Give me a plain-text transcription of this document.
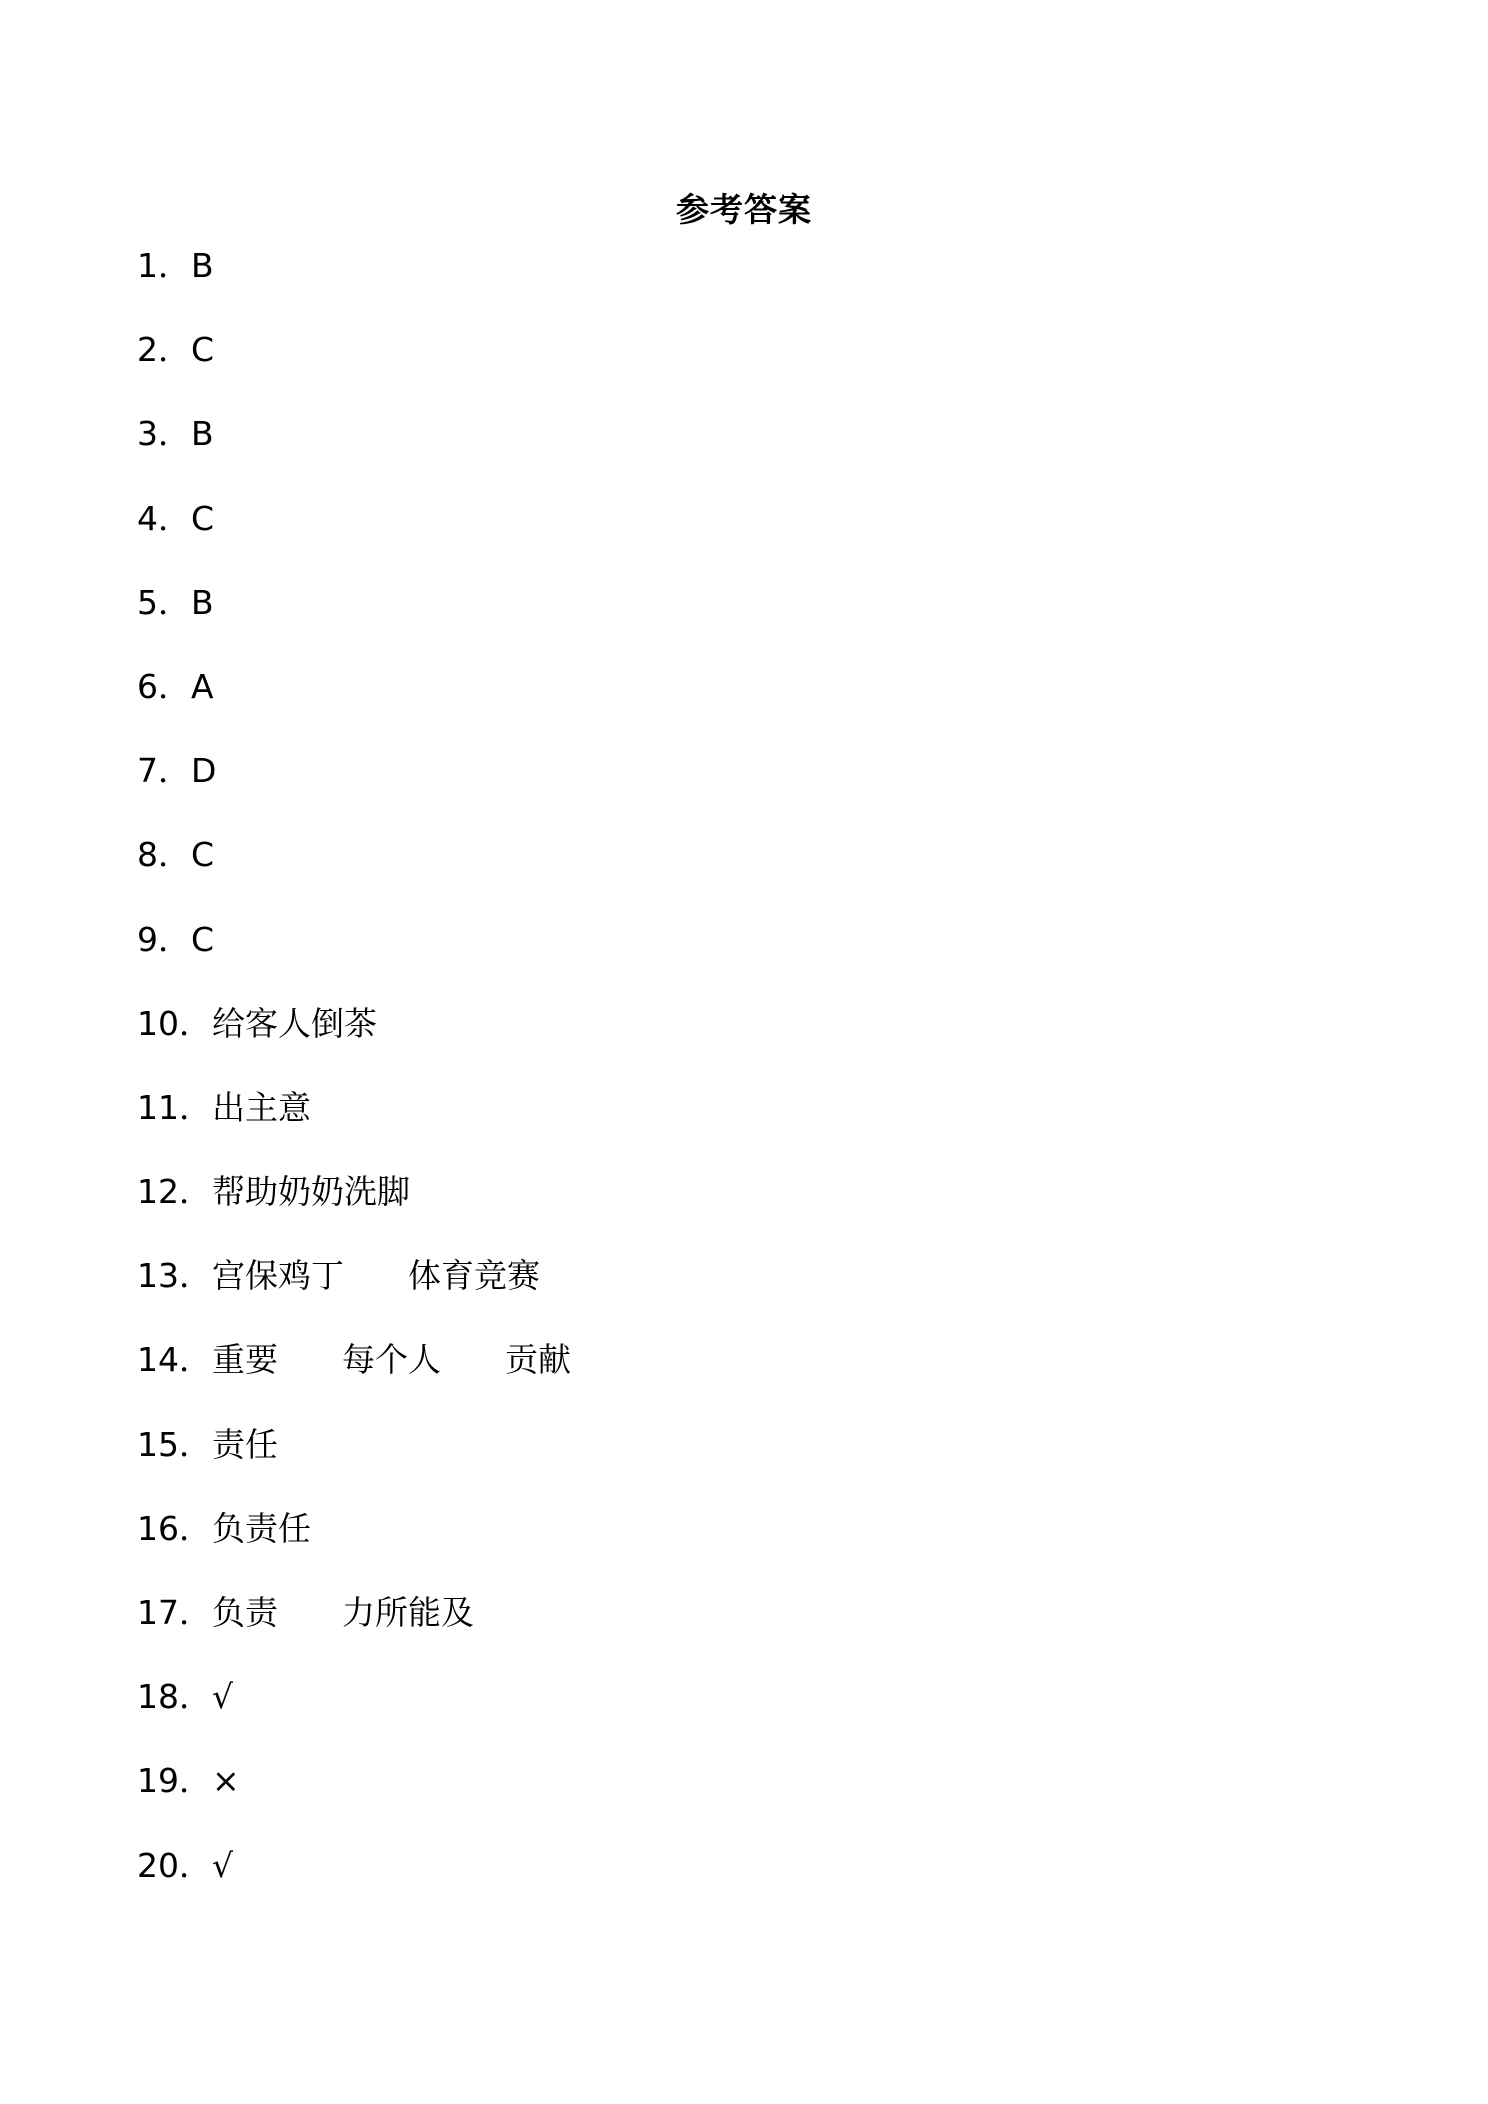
参考答案
1．B
2．C
3．B
4．C
5．B
6．A
7．D
8．C
9．C
10．给客人倒茶
11．出主意
12．帮助奶奶洗脚
13．宫保鸡丁 体育竞赛
14．重要 每个人 贡献
15．责任
16．负责任
17．负责 力所能及
18．√
19．×
20．√
